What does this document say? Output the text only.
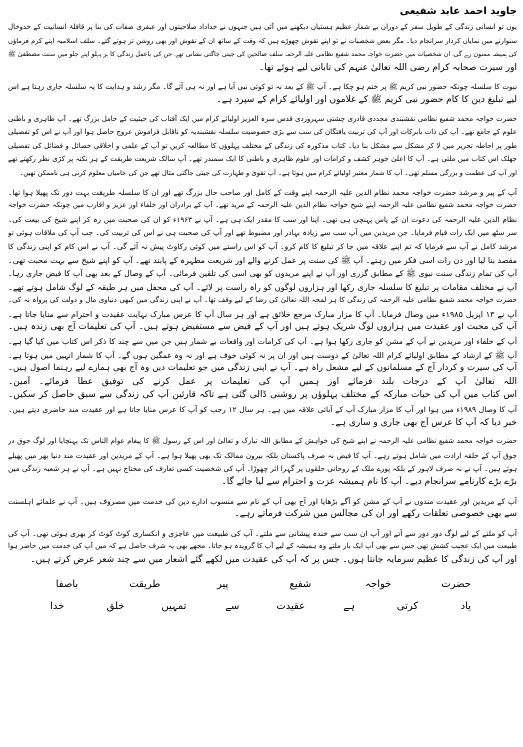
جاوید احمد عابد شفیعی
یوں تو انسانی زندگی کے طویل سفر کے دوران بے شمار عظیم ہستیاں دیکھنے میں آئی ہیں جنہوں نے خداداد صلاحیتوں اور عبقری صفات کی بنا پر قافلۂ انسانیت کے خدوخال
سنوارنے میں نمایاں کردار سرانجام دیا۔ مگر بعض شخصیات نے تو اپنے نقوش چھوڑے ہیں کہ وقت کے ساتھ ان کے نقوش اور بھی روشن تر ہوتے گئے۔ سلف اسلامیہ اپنے کرم فرماؤں
کی ہمیشہ ممنون رہے گی۔ ان شخصیات میں حضرت خواجہ محمد شفیع نظامی علیہ الرحمہ سلف صالحین کی جیتی جاگتی نشانی تھے۔ جن کی باعمل زندگی کا ہر پہلو اپنے جلو میں سنت مصطفیٰ ﷺ
اور سیرت صحابہ کرام رضی اللہ تعالیٰ عنہم کی تابانی لیے ہوئے تھا۔
نبوت کا سلسلہ چونکہ حضور نبی کریم ﷺ پر ختم ہو چکا ہے۔ آپ ﷺ کے بعد نہ تو کوئی نبی آیا ہے اور نہ ہی آئے گا۔ مگر رشد و ہدایت کا یہ سلسلہ جاری رہتا ہے اس
لیے تبلیغ دین کا کام حضور نبی کریم ﷺ کے غلاموں اور اولیائے کرام کے سپرد ہے۔
حضرت خواجہ محمد شفیع نظامی نقشبندی مجددی قادری چشتی سہروردی قدس سرہ العزیز اولیائے کرام میں ایک آفتاب کی حیثیت کے حامل بزرگ تھے۔ آپ ظاہری و باطنی
علوم کے جامع تھے۔ آپ کی ذات بابرکات اور آپ کی تربیت یافتگان کی سب سے بڑی خصوصیت سلسلہ نقشبندیہ کو ناقابل فراموش عروج حاصل ہوا اور آپ نے اس کو تفصیلی
طور پر احاطہ تحریر میں لا کر مشکل سے مشکل بنا دیا۔ کتاب مذکورہ کی زندگی کے مختلف پہلوؤں کا مطالعہ کریں تو آپ کے علمی و اخلاقی خصائل و فضائل کی تفصیلی
جھلک اس کتاب میں ملتی ہے۔ آپ کا اعلیٰ جوہر کشف و کرامات اور علوم ظاہری و باطنی کا ایک سمندر تھے۔ آپ سالک شریعت طریقت کے ہر نکتہ پر کڑی نظر رکھتے تھے
اور آپ کی عظمت و بزرگی مسلم تھی۔ آپ کا شمار معتبر اولیائے کرام میں ہوتا ہے۔ آپ تقویٰ و طہارت کی جیتی جاگتی مثال تھے جن کی خامیاں معلوم کرنی ہی ناممکن تھیں۔
آپ کے پیر و مرشد حضرت خواجہ محمد نظام الدین علیہ الرحمہ اپنے وقت کے کامل اور صاحب حال بزرگ تھے اور ان کا سلسلہ طریقت بہت دور تک پھیلا ہوا تھا۔
حضرت خواجہ محمد شفیع نظامی علیہ الرحمہ اپنے شیخ خواجہ نظام الدین علیہ الرحمہ کے مرید تھے۔ آپ کے برادران اور خلفاء اور عزیز و اقارب میں چونکہ حضرت خواجہ
نظام الدین علیہ الرحمہ کی دعوت ان کے پاس پہنچی ہی تھی۔ اپنا اور سب کا مقدر ایک ہی ہے۔ آپ نے ۱۹۶۳ء کو ان کی صحبت میں رہ کر اپنے شیخ کی بیعت کی۔
سر سٹھ میں ایک رات قیام فرمایا۔ جن مریدین میں آپ سب سے زیادہ بہادر اور مضبوط تھے اور آپ کی صحبت ہی نے اس کی تربیت کی۔ جب آپ کی ملاقات ہوئی تو
مرشد کامل نے آپ سے فرمایا کہ تم اپنے علاقہ میں جا کر تبلیغ کا کام کرو۔ آپ کو اس راستے میں کوئی رکاوٹ پیش نہ آئے گی۔ آپ نے اس کام کو اپنی زندگی کا
مقصد بنا لیا اور دن رات اسی فکر میں رہتے۔ آپ ﷺ کی سنت پر عمل کرنے والے اور شریعت مطہرہ کے پابند تھے۔ آپ کو اپنے شیخ سے بہت محبت تھی۔
آپ کی تمام زندگی سنت نبوی ﷺ کے مطابق گزری اور آپ نے اپنے مریدوں کو بھی اسی کی تلقین فرمائی۔ آپ کے وصال کے بعد بھی آپ کا فیض جاری رہا۔
آپ نے مختلف مقامات پر تبلیغ کا سلسلہ جاری رکھا اور ہزاروں لوگوں کو راہ راست پر لائے۔ آپ کی محفل میں ہر طبقہ کے لوگ شامل ہوتے تھے۔
حضرت خواجہ محمد شفیع نظامی علیہ الرحمہ کی زندگی کا ہر لمحہ اللہ تعالیٰ کی رضا کے لیے وقف تھا۔ آپ نے اپنی زندگی میں کبھی دنیاوی مال و دولت کی پرواہ نہ کی۔
آپ نے ۱۳ اپریل ۱۹۸۵ء میں وصال فرمایا۔ آپ کا مزار مبارک مرجع خلائق ہے اور ہر سال آپ کا عرس مبارک نہایت عقیدت و احترام سے منایا جاتا ہے۔
آپ کی محبت اور عقیدت میں ہزاروں لوگ شریک ہوتے ہیں اور آپ کے فیض سے مستفیض ہوتے ہیں۔ آپ کی تعلیمات آج بھی زندہ ہیں۔
آپ کے خلفاء اور مریدین نے آپ کے مشن کو جاری رکھا ہوا ہے۔ آپ کی کرامات اور واقعات بے شمار ہیں جن میں سے چند کا ذکر اس کتاب میں کیا گیا ہے۔
آپ ﷺ کے ارشاد کے مطابق اولیائے کرام اللہ تعالیٰ کے دوست ہیں اور ان پر نہ کوئی خوف ہے اور نہ وہ غمگین ہوں گے۔ آپ کا شمار انہیں میں ہوتا ہے۔
آپ کی سیرت و کردار آج کے مسلمانوں کے لیے مشعل راہ ہے۔ آپ نے اپنی زندگی میں جو تعلیمات دیں وہ آج بھی ہمارے لیے رہنما اصول ہیں۔
اللہ تعالیٰ آپ کے درجات بلند فرمائے اور ہمیں آپ کی تعلیمات پر عمل کرنے کی توفیق عطا فرمائے۔ آمین۔
اس کتاب میں آپ کی حیات مبارکہ کے مختلف پہلوؤں پر روشنی ڈالی گئی ہے تاکہ قارئین آپ کی زندگی سے سبق حاصل کر سکیں۔
آپ کا وصال ۱۹۸۹ء میں ہوا اور آپ کا مزار مبارک آپ کے آبائی علاقہ میں ہے۔ ہر سال ۱۲ رجب کو آپ کا عرس منایا جاتا ہے اور عقیدت مند حاضری دیتے ہیں۔
خبر دیا کہ آپ کا عرس آج بھی جاری و ساری ہے۔
حضرت خواجہ محمد شفیع نظامی علیہ الرحمہ نے اپنے شیخ کی خواہش کے مطابق اللہ تبارک و تعالیٰ اور اس کے رسول ﷺ کا پیغام عوام الناس تک پہنچایا اور لوگ جوق در
جوق آپ کے حلقہ ارادت میں شامل ہوتے رہے۔ آپ کا فیض نہ صرف پاکستان بلکہ بیرون ممالک تک بھی پھیلا ہوا ہے۔ آپ کے مریدین اور عقیدت مند دنیا بھر میں پھیلے
ہوئے ہیں۔ آپ نے نہ صرف لاہور کے بلکہ پورے ملک کے روحانی حلقوں پر گہرا اثر چھوڑا۔ آپ کی شخصیت کسی تعارف کی محتاج نہیں ہے۔ آپ نے ہر شعبہ زندگی میں
بڑے بڑے کارنامے سرانجام دیے۔ آپ کا نام ہمیشہ عزت و احترام سے لیا جائے گا۔
آپ کے مریدین اور عقیدت مندوں نے آپ کے مشن کو آگے بڑھایا اور آج بھی آپ کے نام سے منسوب ادارے دین کی خدمت میں مصروف ہیں۔ آپ نے علمائے اہلسنت
سے بھی خصوصی تعلقات رکھے اور ان کی مجالس میں شرکت فرماتے رہے۔
آپ کو ملنے کے لیے لوگ دور دور سے آتے اور آپ ان سب سے خندہ پیشانی سے ملتے۔ آپ کی طبیعت میں عاجزی و انکساری کوٹ کوٹ کر بھری ہوئی تھی۔ آپ کی
طبیعت میں ایک عجیب کشش تھی جس سے بھی آپ ایک بار ملتے وہ ہمیشہ کے لیے آپ کا گرویدہ ہو جاتا۔ مجھے بھی یہ شرف حاصل ہے کہ میں آپ کی خدمت میں حاضر ہوا
اور آپ کی زندگی کا عظیم سرمایہ جانتا ہوں۔ جس پر کہ آپ کی عقیدت میں لکھے گئے اشعار میں سے چند شعر عرض کرتے ہیں۔
حضرت
خواجہ
شفیع
پیر
طریقت
باصفا
یاد
کرتی
ہے
عقیدت
سے
تمہیں
خلق
خدا
